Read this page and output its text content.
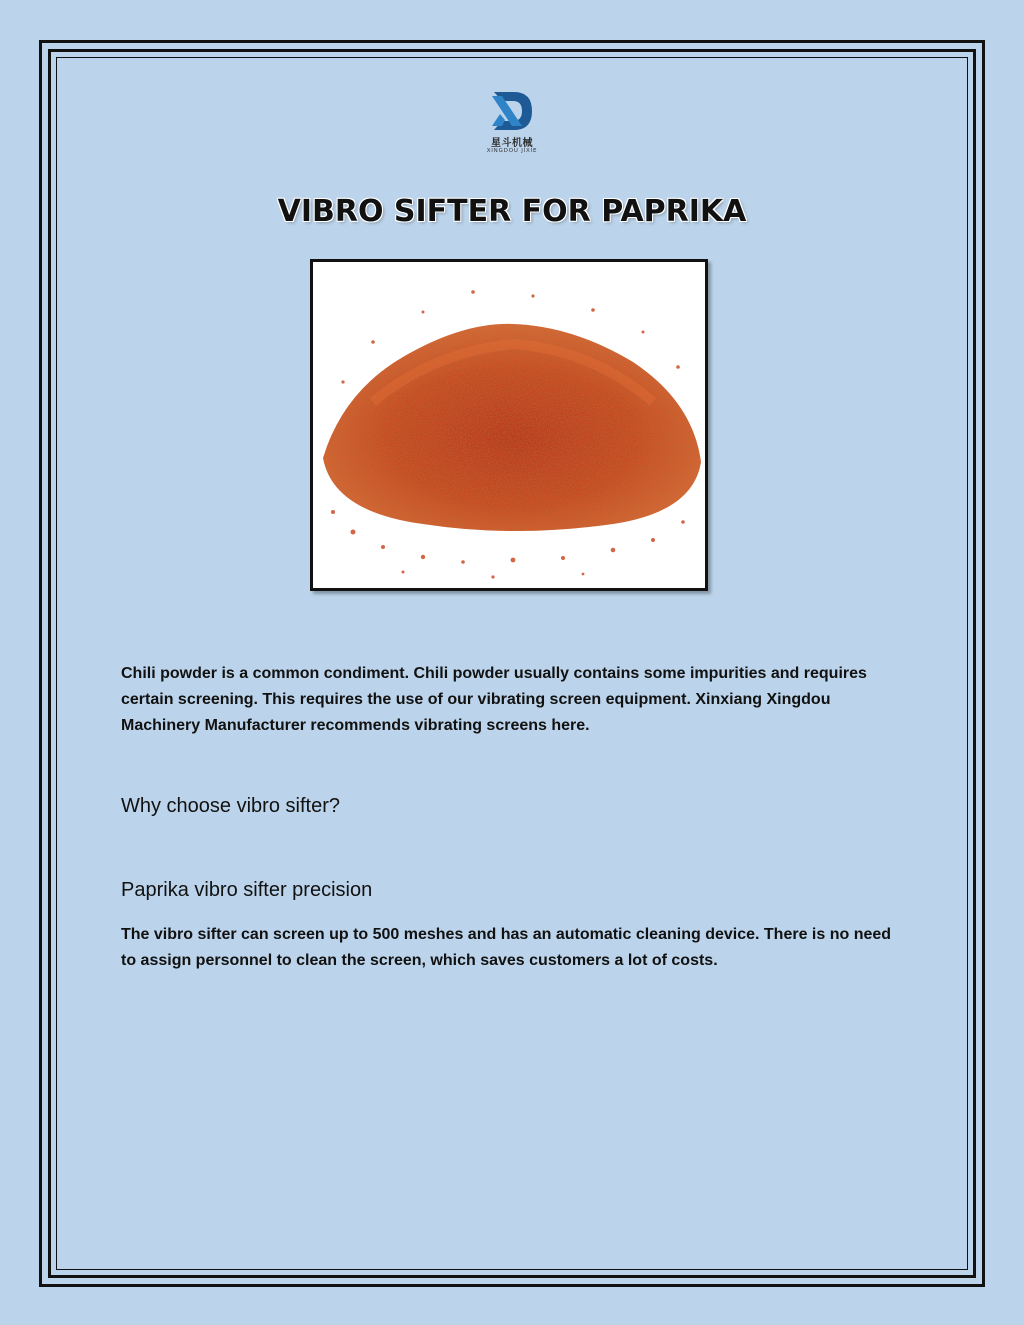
星斗机械
XINGDOU JIXIE
VIBRO SIFTER FOR PAPRIKA
Chili powder is a common condiment. Chili powder usually contains some impurities and requires certain screening. This requires the use of our vibrating screen equipment. Xinxiang Xingdou Machinery Manufacturer recommends vibrating screens here.
Why choose vibro sifter?
Paprika vibro sifter precision
The vibro sifter can screen up to 500 meshes and has an automatic cleaning device. There is no need to assign personnel to clean the screen, which saves customers a lot of costs.
